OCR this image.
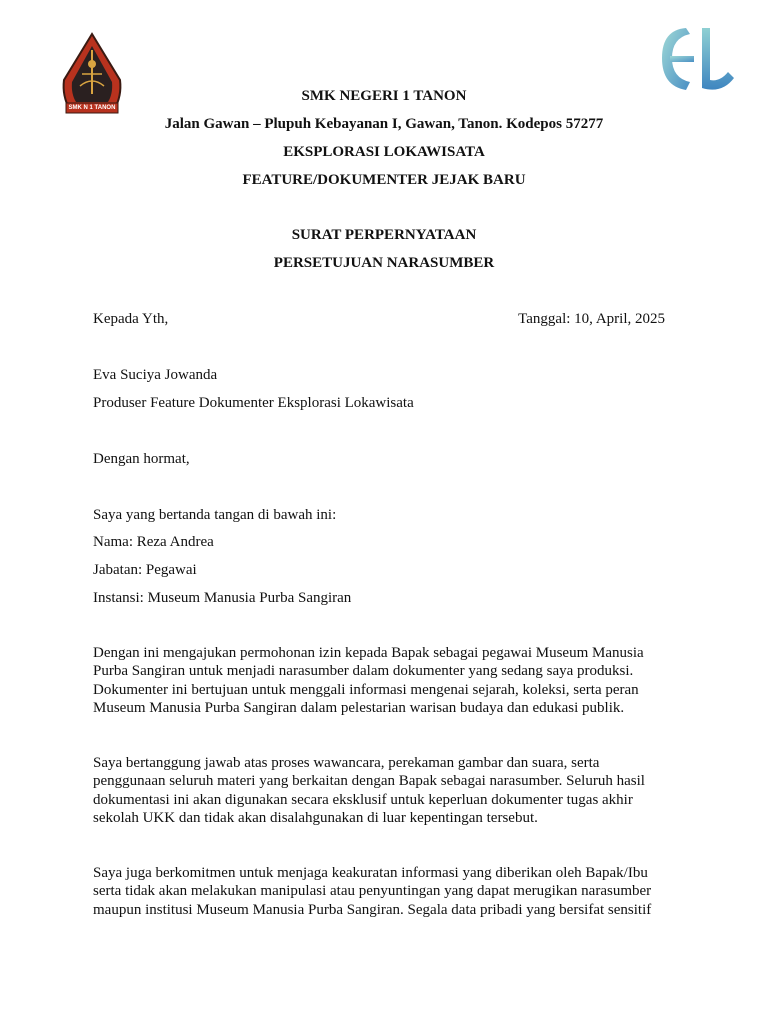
SMK N 1 TANON
SMK NEGERI 1 TANON
Jalan Gawan – Plupuh Kebayanan I, Gawan, Tanon. Kodepos 57277
EKSPLORASI LOKAWISATA
FEATURE/DOKUMENTER JEJAK BARU
SURAT PERPERNYATAAN
PERSETUJUAN NARASUMBER
Kepada Yth,	Tanggal: 10, April, 2025
Eva Suciya Jowanda
Produser Feature Dokumenter Eksplorasi Lokawisata
Dengan hormat,
Saya yang bertanda tangan di bawah ini:
Nama: Reza Andrea
Jabatan: Pegawai
Instansi: Museum Manusia Purba Sangiran
Dengan ini mengajukan permohonan izin kepada Bapak sebagai pegawai Museum Manusia
Purba Sangiran untuk menjadi narasumber dalam dokumenter yang sedang saya produksi.
Dokumenter ini bertujuan untuk menggali informasi mengenai sejarah, koleksi, serta peran
Museum Manusia Purba Sangiran dalam pelestarian warisan budaya dan edukasi publik.
Saya bertanggung jawab atas proses wawancara, perekaman gambar dan suara, serta
penggunaan seluruh materi yang berkaitan dengan Bapak sebagai narasumber. Seluruh hasil
dokumentasi ini akan digunakan secara eksklusif untuk keperluan dokumenter tugas akhir
sekolah UKK dan tidak akan disalahgunakan di luar kepentingan tersebut.
Saya juga berkomitmen untuk menjaga keakuratan informasi yang diberikan oleh Bapak/Ibu
serta tidak akan melakukan manipulasi atau penyuntingan yang dapat merugikan narasumber
maupun institusi Museum Manusia Purba Sangiran. Segala data pribadi yang bersifat sensitif
